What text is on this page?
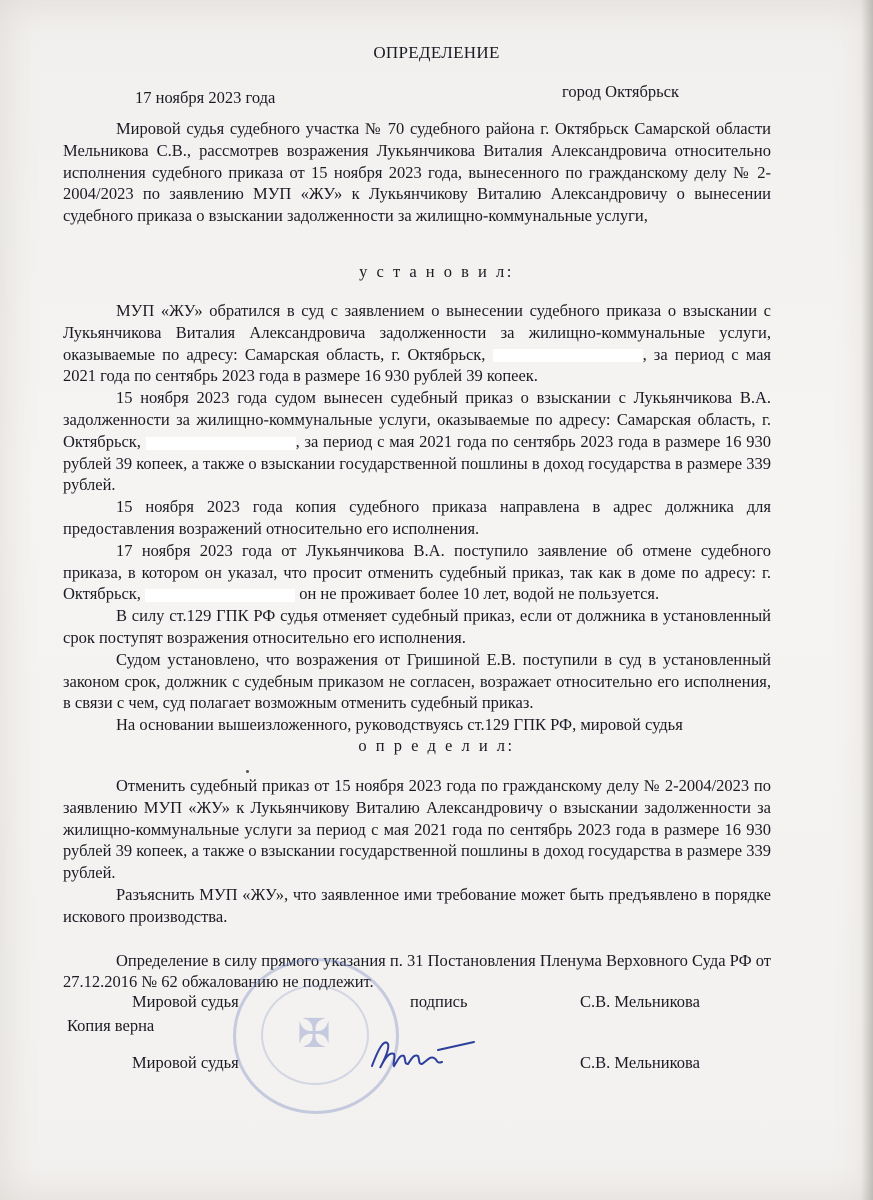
ОПРЕДЕЛЕНИЕ
17 ноября 2023 года	город Октябрьск

Мировой судья судебного участка № 70 судебного района г. Октябрьск Самарской области Мельникова С.В., рассмотрев возражения Лукьянчикова Виталия Александровича относительно исполнения судебного приказа от 15 ноября 2023 года, вынесенного по гражданскому делу № 2-2004/2023 по заявлению МУП «ЖУ» к Лукьянчикову Виталию Александровичу о вынесении судебного приказа о взыскании задолженности за жилищно-коммунальные услуги,

у с т а н о в и л:

МУП «ЖУ» обратился в суд с заявлением о вынесении судебного приказа о взыскании с Лукьянчикова Виталия Александровича задолженности за жилищно-коммунальные услуги, оказываемые по адресу: Самарская область, г. Октябрьск,	, за период с мая 2021 года по сентябрь 2023 года в размере 16 930 рублей 39 копеек.

15 ноября 2023 года судом вынесен судебный приказ о взыскании с Лукьянчикова В.А. задолженности за жилищно-коммунальные услуги, оказываемые по адресу: Самарская область, г. Октябрьск,	, за период с мая 2021 года по сентябрь 2023 года в размере 16 930 рублей 39 копеек, а также о взыскании государственной пошлины в доход государства в размере 339 рублей.

15 ноября 2023 года копия судебного приказа направлена в адрес должника для предоставления возражений относительно его исполнения.

17 ноября 2023 года от Лукьянчикова В.А. поступило заявление об отмене судебного приказа, в котором он указал, что просит отменить судебный приказ, так как в доме по адресу: г. Октябрьск,	он не проживает более 10 лет, водой не пользуется.

В силу ст.129 ГПК РФ судья отменяет судебный приказ, если от должника в установленный срок поступят возражения относительно его исполнения.

Судом установлено, что возражения от Гришиной Е.В. поступили в суд в установленный законом срок, должник с судебным приказом не согласен, возражает относительно его исполнения, в связи с чем, суд полагает возможным отменить судебный приказ.

На основании вышеизложенного, руководствуясь ст.129 ГПК РФ, мировой судья

о п р е д е л и л:

Отменить судебный приказ от 15 ноября 2023 года по гражданскому делу № 2-2004/2023 по заявлению МУП «ЖУ» к Лукьянчикову Виталию Александровичу о взыскании задолженности за жилищно-коммунальные услуги за период с мая 2021 года по сентябрь 2023 года в размере 16 930 рублей 39 копеек, а также о взыскании государственной пошлины в доход государства в размере 339 рублей.

Разъяснить МУП «ЖУ», что заявленное ими требование может быть предъявлено в порядке искового производства.

Определение в силу прямого указания п. 31 Постановления Пленума Верховного Суда РФ от 27.12.2016 № 62 обжалованию не подлежит.

✠
Мировой судья	подпись	С.В. Мельникова
Копия верна
Мировой судья	С.В. Мельникова
